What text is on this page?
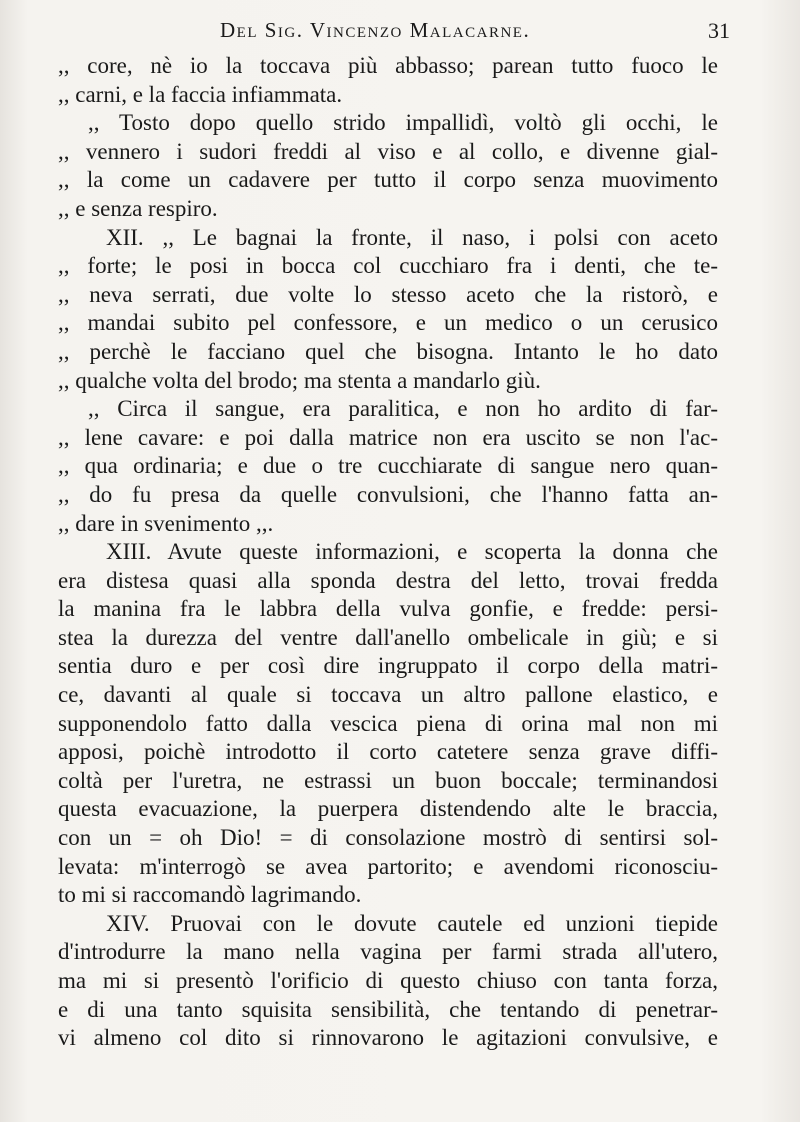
Del Sig. Vincenzo Malacarne.	31
,, core, nè io la toccava più abbasso; parean tutto fuoco le
,, carni, e la faccia infiammata.
,, Tosto dopo quello strido impallidì, voltò gli occhi, le
,, vennero i sudori freddi al viso e al collo, e divenne gial-
,, la come un cadavere per tutto il corpo senza muovimento
,, e senza respiro.
XII. ,, Le bagnai la fronte, il naso, i polsi con aceto
,, forte; le posi in bocca col cucchiaro fra i denti, che te-
,, neva serrati, due volte lo stesso aceto che la ristorò, e
,, mandai subito pel confessore, e un medico o un cerusico
,, perchè le facciano quel che bisogna. Intanto le ho dato
,, qualche volta del brodo; ma stenta a mandarlo giù.
,, Circa il sangue, era paralitica, e non ho ardito di far-
,, lene cavare: e poi dalla matrice non era uscito se non l'ac-
,, qua ordinaria; e due o tre cucchiarate di sangue nero quan-
,, do fu presa da quelle convulsioni, che l'hanno fatta an-
,, dare in svenimento ,,.
XIII. Avute queste informazioni, e scoperta la donna che
era distesa quasi alla sponda destra del letto, trovai fredda
la manina fra le labbra della vulva gonfie, e fredde: persi-
stea la durezza del ventre dall'anello ombelicale in giù; e si
sentia duro e per così dire ingruppato il corpo della matri-
ce, davanti al quale si toccava un altro pallone elastico, e
supponendolo fatto dalla vescica piena di orina mal non mi
apposi, poichè introdotto il corto catetere senza grave diffi-
coltà per l'uretra, ne estrassi un buon boccale; terminandosi
questa evacuazione, la puerpera distendendo alte le braccia,
con un = oh Dio! = di consolazione mostrò di sentirsi sol-
levata: m'interrogò se avea partorito; e avendomi riconosciu-
to mi si raccomandò lagrimando.
XIV. Pruovai con le dovute cautele ed unzioni tiepide
d'introdurre la mano nella vagina per farmi strada all'utero,
ma mi si presentò l'orificio di questo chiuso con tanta forza,
e di una tanto squisita sensibilità, che tentando di penetrar-
vi almeno col dito si rinnovarono le agitazioni convulsive, e
